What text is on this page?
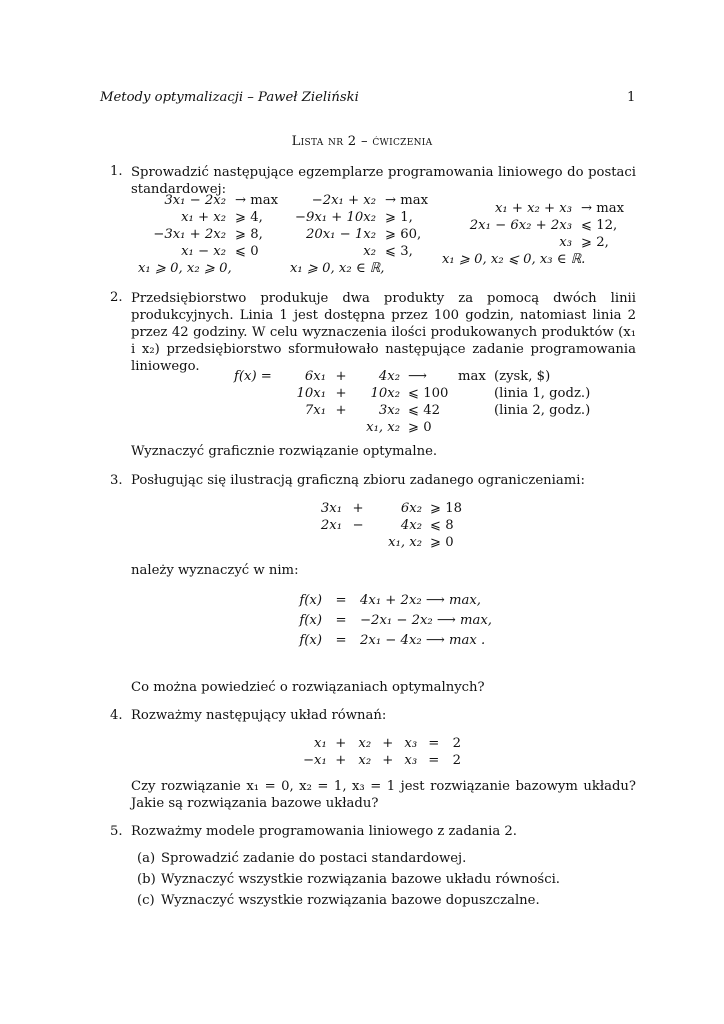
Metody optymalizacji – Paweł Zieliński	1
Lista nr 2 – ćwiczenia
1. Sprowadzić następujące egzemplarze programowania liniowego do postaci standardowej:
3x₁ − 2x₂	→ max
x₁ + x₂	⩾ 4,
−3x₁ + 2x₂	⩾ 8,
x₁ − x₂	⩽ 0
x₁ ⩾ 0, x₂ ⩾ 0,	
−2x₁ + x₂	→ max
−9x₁ + 10x₂	⩾ 1,
20x₁ − 1x₂	⩾ 60,
x₂	⩽ 3,
x₁ ⩾ 0, x₂ ∈ ℝ,	
x₁ + x₂ + x₃	→ max
2x₁ − 6x₂ + 2x₃	⩽ 12,
x₃	⩾ 2,
x₁ ⩾ 0, x₂ ⩽ 0, x₃ ∈ ℝ.	
2. Przedsiębiorstwo produkuje dwa produkty za pomocą dwóch linii produkcyjnych. Linia 1 jest dostępna przez 100 godzin, natomiast linia 2 przez 42 godziny. W celu wyznaczenia ilości produkowanych produktów (x₁ i x₂) przedsiębiorstwo sformułowało następujące zadanie programowania liniowego.
f(x) =	6x₁	+	4x₂	⟶	max	(zysk, $)
	10x₁	+	10x₂	⩽ 100		(linia 1, godz.)
	7x₁	+	3x₂	⩽ 42		(linia 2, godz.)
			x₁, x₂	⩾ 0		
Wyznaczyć graficznie rozwiązanie optymalne.
3. Posługując się ilustracją graficzną zbioru zadanego ograniczeniami:
3x₁	+	6x₂	⩾ 18
2x₁	−	4x₂	⩽ 8
		x₁, x₂	⩾ 0
należy wyznaczyć w nim:
f(x)	=	4x₁ + 2x₂ ⟶ max,
f(x)	=	−2x₁ − 2x₂ ⟶ max,
f(x)	=	2x₁ − 4x₂ ⟶ max .
Co można powiedzieć o rozwiązaniach optymalnych?
4. Rozważmy następujący układ równań:
x₁	+	x₂	+	x₃	=	2
−x₁	+	x₂	+	x₃	=	2
Czy rozwiązanie x₁ = 0, x₂ = 1, x₃ = 1 jest rozwiązanie bazowym układu? Jakie są rozwiązania bazowe układu?
5. Rozważmy modele programowania liniowego z zadania 2.
(a) Sprowadzić zadanie do postaci standardowej.
(b) Wyznaczyć wszystkie rozwiązania bazowe układu równości.
(c) Wyznaczyć wszystkie rozwiązania bazowe dopuszczalne.
